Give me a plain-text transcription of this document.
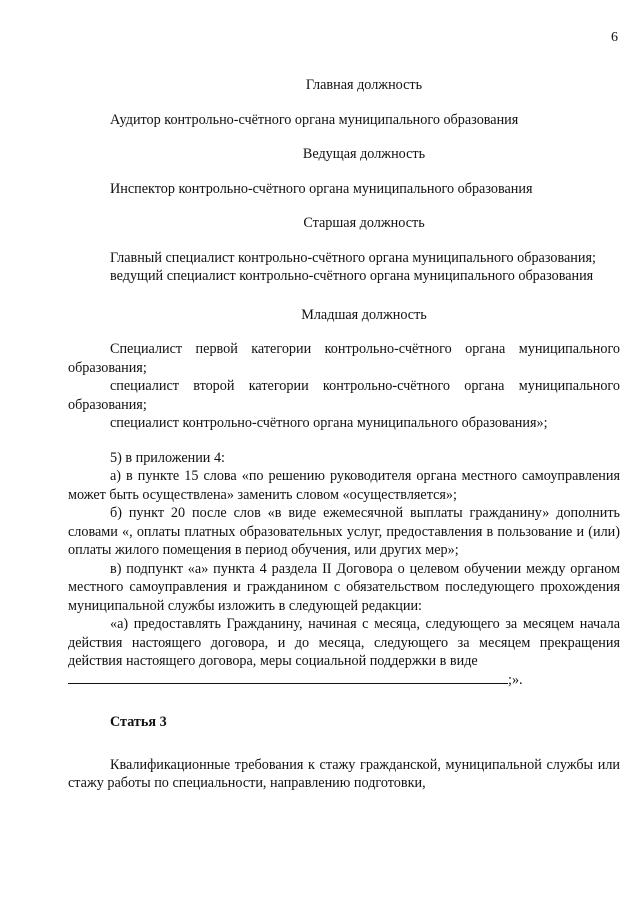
6
Главная должность

Аудитор контрольно-счётного органа муниципального образования

Ведущая должность

Инспектор контрольно-счётного органа муниципального образования

Старшая должность

Главный специалист контрольно-счётного органа муниципального образования;

ведущий специалист контрольно-счётного органа муниципального образования

Младшая должность

Специалист первой категории контрольно-счётного органа муниципального образования;

специалист второй категории контрольно-счётного органа муниципального образования;

специалист контрольно-счётного органа муниципального образования»;

5) в приложении 4:

а) в пункте 15 слова «по решению руководителя органа местного самоуправления может быть осуществлена» заменить словом «осуществляется»;

б) пункт 20 после слов «в виде ежемесячной выплаты гражданину» дополнить словами «, оплаты платных образовательных услуг, предоставления в пользование и (или) оплаты жилого помещения в период обучения, или других мер»;

в) подпункт «а» пункта 4 раздела II Договора о целевом обучении между органом местного самоуправления и гражданином с обязательством последующего прохождения муниципальной службы изложить в следующей редакции:

«а) предоставлять Гражданину, начиная с месяца, следующего за месяцем начала действия настоящего договора, и до месяца, следующего за месяцем прекращения действия настоящего договора, меры социальной поддержки в виде

;».

Статья 3

Квалификационные требования к стажу гражданской, муниципальной службы или стажу работы по специальности, направлению подготовки,
